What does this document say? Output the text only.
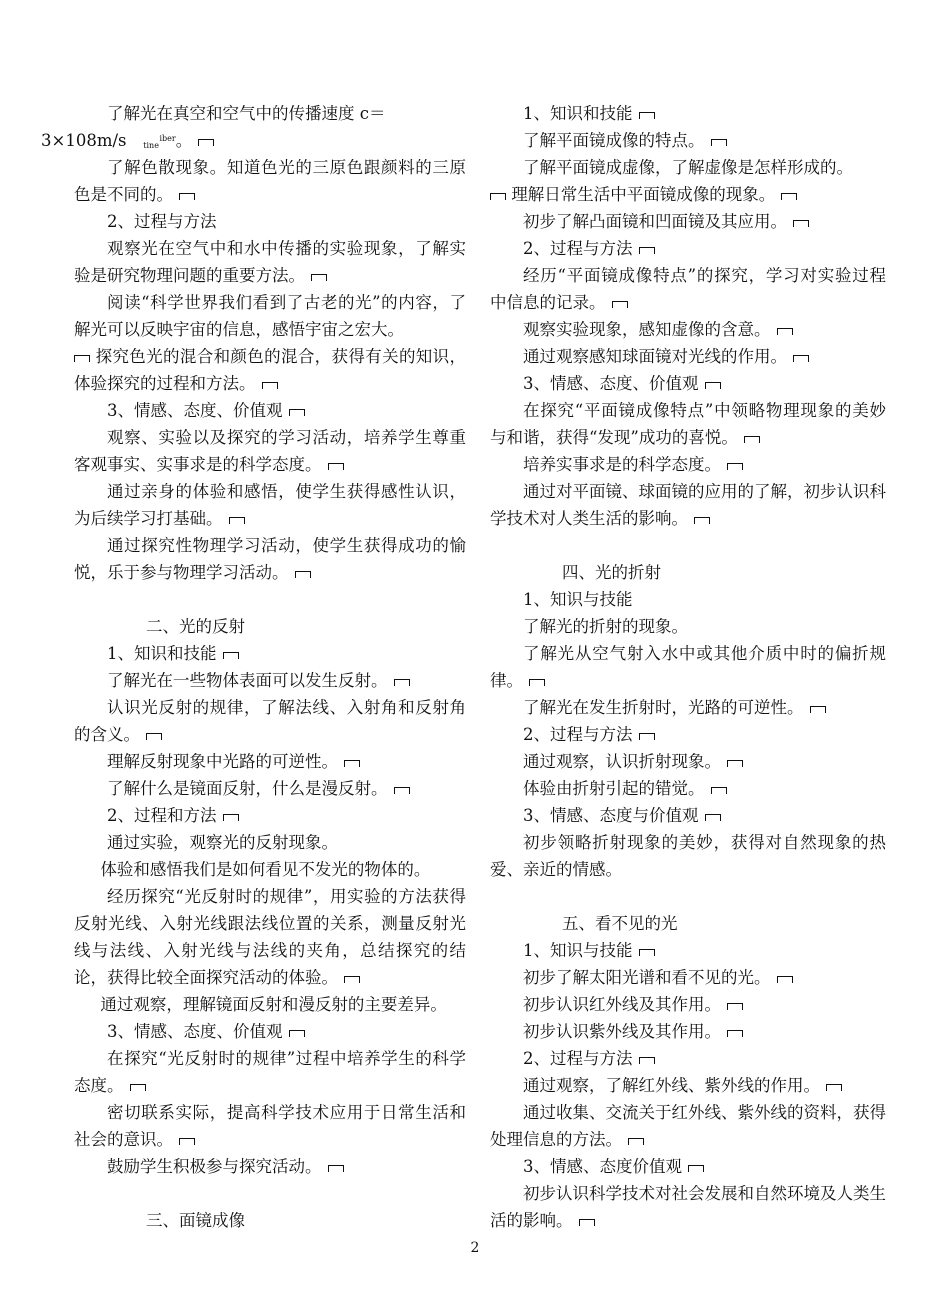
了解光在真空和空气中的传播速度 c＝
3×108m/s	iber
tine 。

了解色散现象。知道色光的三原色跟颜料的三原色是不同的。

2、过程与方法

观察光在空气中和水中传播的实验现象，了解实验是研究物理问题的重要方法。

阅读“科学世界我们看到了古老的光”的内容，了解光可以反映宇宙的信息，感悟宇宙之宏大。

探究色光的混合和颜色的混合，获得有关的知识，体验探究的过程和方法。

3、情感、态度、价值观

观察、实验以及探究的学习活动，培养学生尊重客观事实、实事求是的科学态度。

通过亲身的体验和感悟，使学生获得感性认识，为后续学习打基础。

通过探究性物理学习活动，使学生获得成功的愉悦，乐于参与物理学习活动。

二、光的反射

1、知识和技能

了解光在一些物体表面可以发生反射。

认识光反射的规律，了解法线、入射角和反射角的含义。

理解反射现象中光路的可逆性。

了解什么是镜面反射，什么是漫反射。

2、过程和方法

通过实验，观察光的反射现象。

体验和感悟我们是如何看见不发光的物体的。

经历探究“光反射时的规律”，用实验的方法获得反射光线、入射光线跟法线位置的关系，测量反射光线与法线、入射光线与法线的夹角，总结探究的结论，获得比较全面探究活动的体验。

通过观察，理解镜面反射和漫反射的主要差异。

3、情感、态度、价值观

在探究“光反射时的规律”过程中培养学生的科学态度。

密切联系实际，提高科学技术应用于日常生活和社会的意识。

鼓励学生积极参与探究活动。

三、面镜成像

1、知识和技能

了解平面镜成像的特点。

了解平面镜成虚像，了解虚像是怎样形成的。

理解日常生活中平面镜成像的现象。

初步了解凸面镜和凹面镜及其应用。

2、过程与方法

经历“平面镜成像特点”的探究，学习对实验过程中信息的记录。

观察实验现象，感知虚像的含意。

通过观察感知球面镜对光线的作用。

3、情感、态度、价值观

在探究“平面镜成像特点”中领略物理现象的美妙与和谐，获得“发现”成功的喜悦。

培养实事求是的科学态度。

通过对平面镜、球面镜的应用的了解，初步认识科学技术对人类生活的影响。

四、光的折射

1、知识与技能

了解光的折射的现象。

了解光从空气射入水中或其他介质中时的偏折规律。

了解光在发生折射时，光路的可逆性。

2、过程与方法

通过观察，认识折射现象。

体验由折射引起的错觉。

3、情感、态度与价值观

初步领略折射现象的美妙，获得对自然现象的热爱、亲近的情感。

五、看不见的光

1、知识与技能

初步了解太阳光谱和看不见的光。

初步认识红外线及其作用。

初步认识紫外线及其作用。

2、过程与方法

通过观察，了解红外线、紫外线的作用。

通过收集、交流关于红外线、紫外线的资料，获得处理信息的方法。

3、情感、态度价值观

初步认识科学技术对社会发展和自然环境及人类生活的影响。

2
